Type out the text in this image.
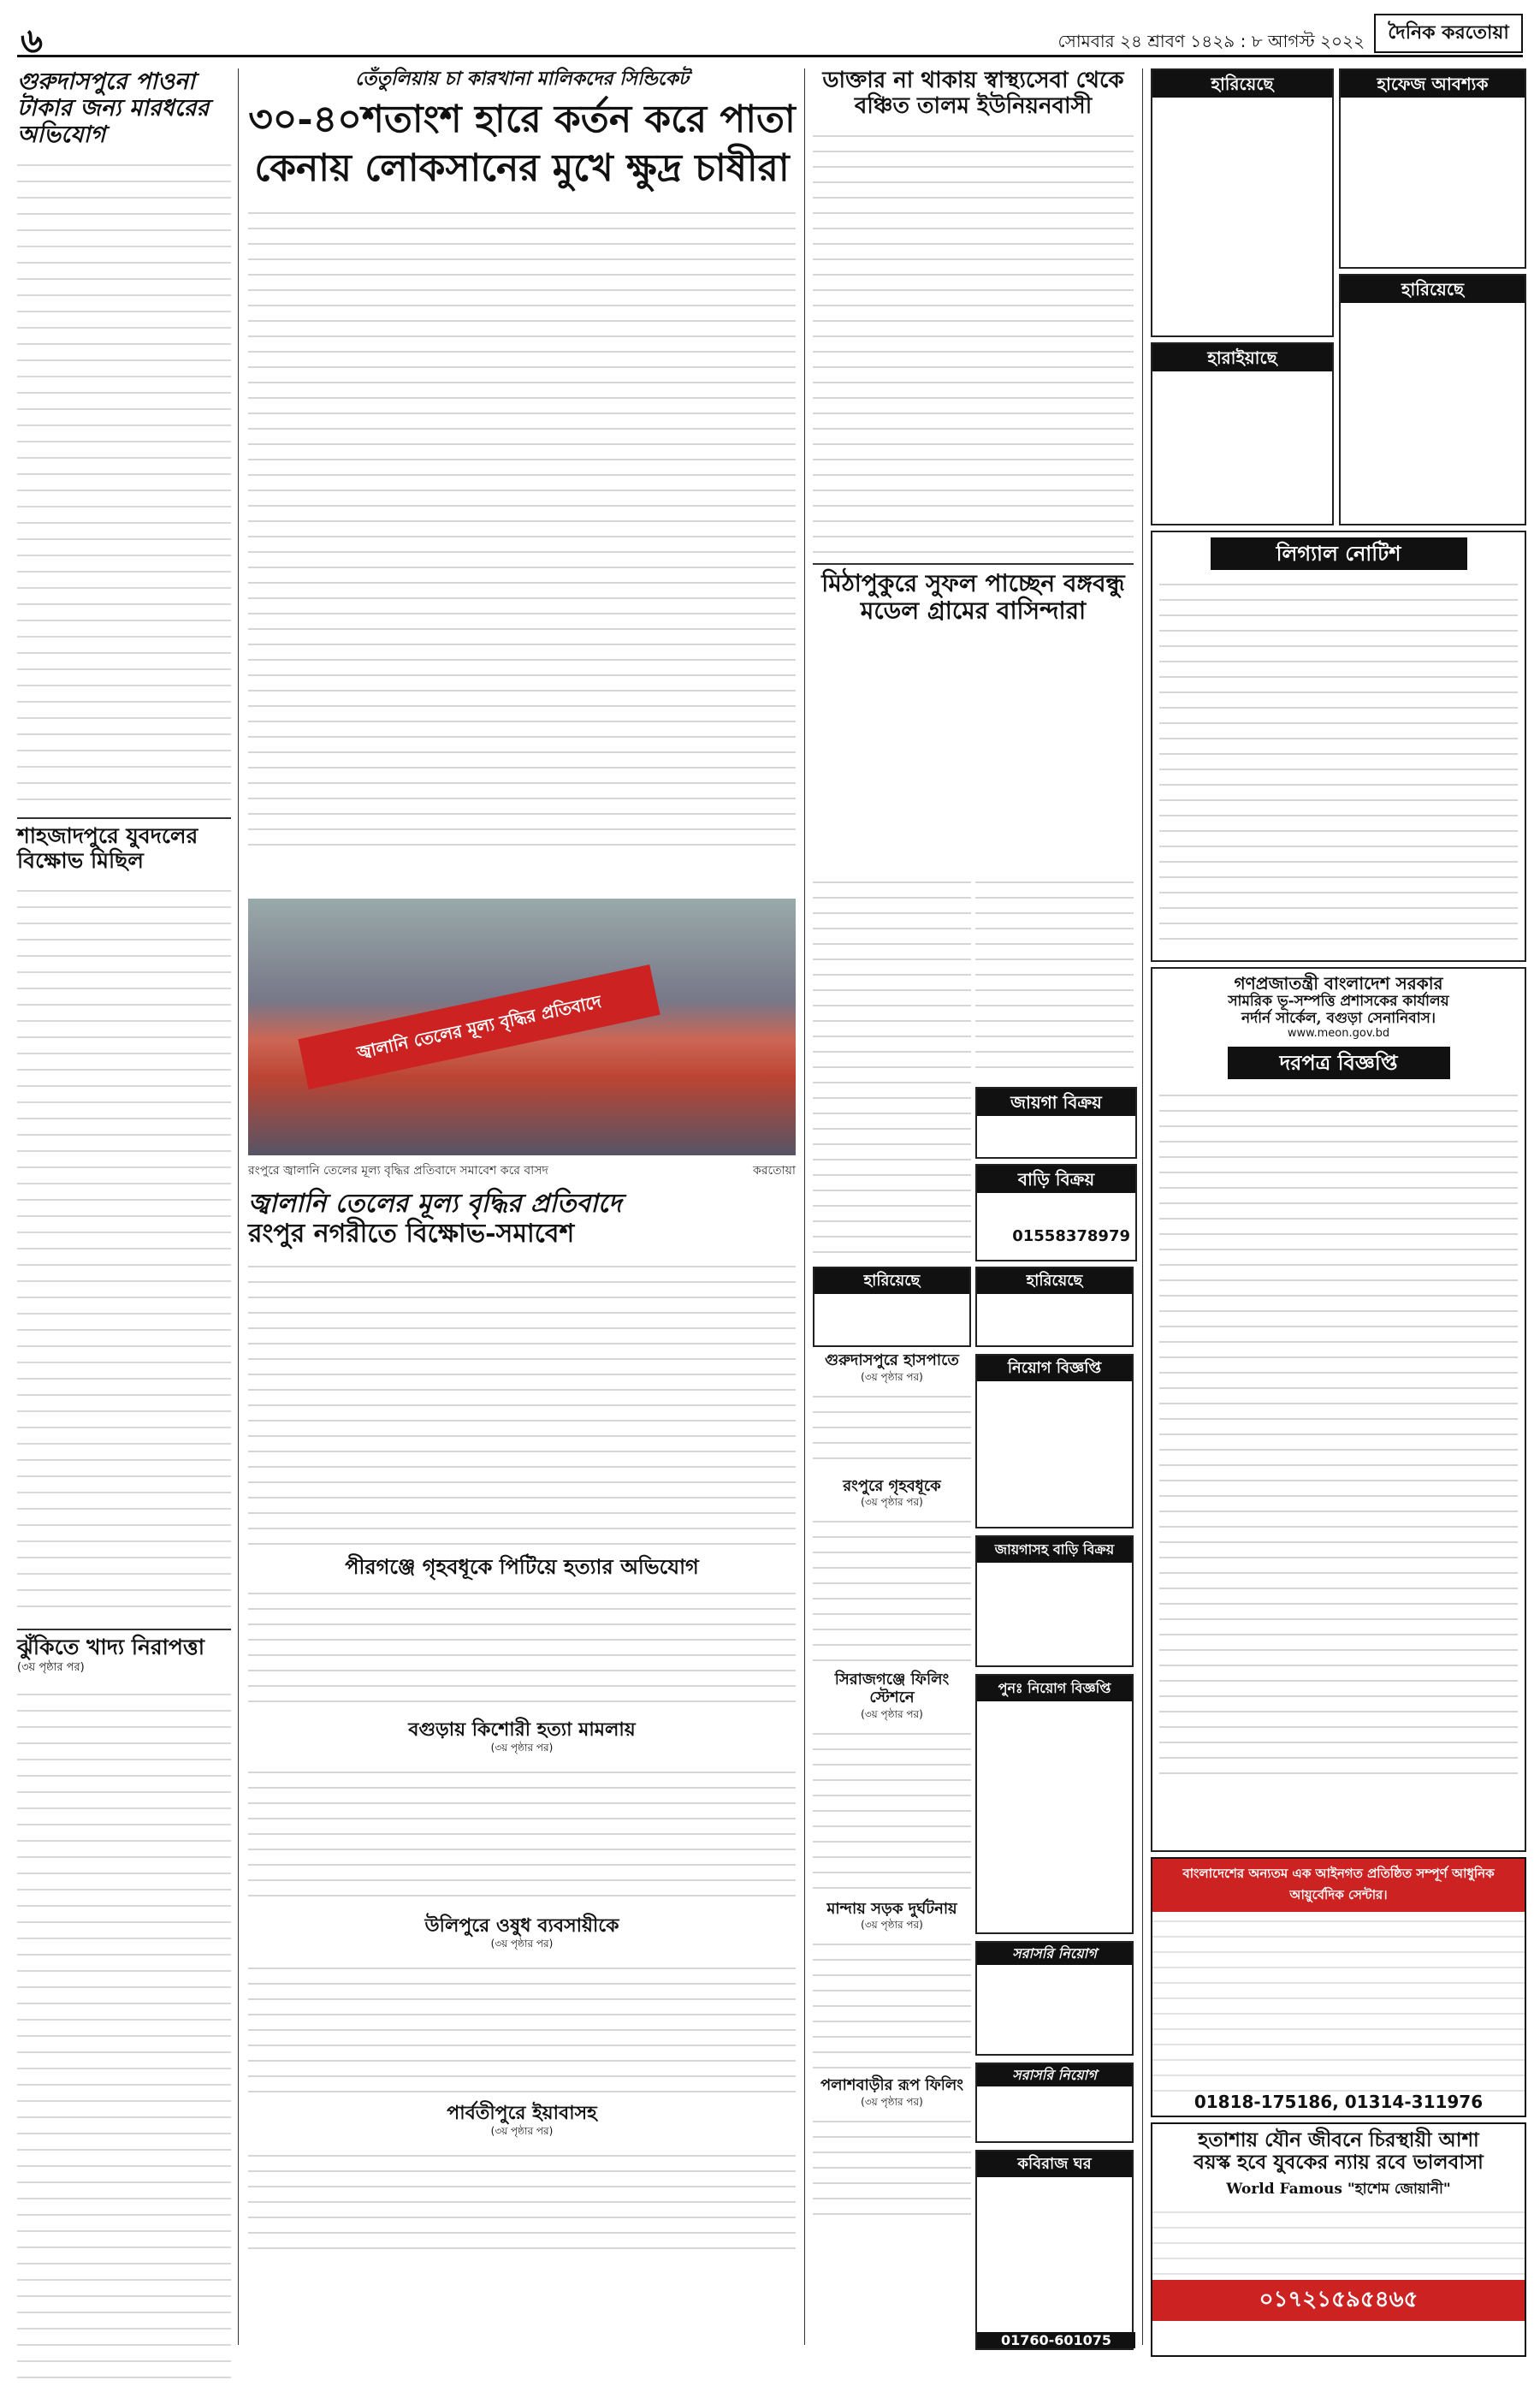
৬	সোমবার ২৪ শ্রাবণ ১৪২৯ : ৮ আগস্ট ২০২২	দৈনিক করতোয়া
গুরুদাসপুরে পাওনা টাকার জন্য মারধরের অভিযোগ
শাহজাদপুরে যুবদলের বিক্ষোভ মিছিল
ঝুঁকিতে খাদ্য নিরাপত্তা
(৩য় পৃষ্ঠার পর)
তেঁতুলিয়ায় চা কারখানা মালিকদের সিন্ডিকেট
৩০-৪০শতাংশ হারে কর্তন করে পাতা
কেনায় লোকসানের মুখে ক্ষুদ্র চাষীরা
জ্বালানি তেলের মূল্য বৃদ্ধির প্রতিবাদে
রংপুরে জ্বালানি তেলের মূল্য বৃদ্ধির প্রতিবাদে সমাবেশ করে বাসদ	করতোয়া
জ্বালানি তেলের মূল্য বৃদ্ধির প্রতিবাদে
রংপুর নগরীতে বিক্ষোভ-সমাবেশ
পীরগঞ্জে গৃহবধূকে পিটিয়ে হত্যার অভিযোগ
বগুড়ায় কিশোরী হত্যা মামলায়
(৩য় পৃষ্ঠার পর)
উলিপুরে ওষুধ ব্যবসায়ীকে
(৩য় পৃষ্ঠার পর)
পার্বতীপুরে ইয়াবাসহ
(৩য় পৃষ্ঠার পর)
ডাক্তার না থাকায় স্বাস্থ্যসেবা থেকে
বঞ্চিত তালম ইউনিয়নবাসী
মিঠাপুকুরে সুফল পাচ্ছেন বঙ্গবন্ধু
মডেল গ্রামের বাসিন্দারা
জায়গা বিক্রয়
বাড়ি বিক্রয়
01558378979
হারিয়েছে
গুরুদাসপুরে হাসপাতে
(৩য় পৃষ্ঠার পর)
রংপুরে গৃহবধূকে
(৩য় পৃষ্ঠার পর)
সিরাজগঞ্জে ফিলিং স্টেশনে
(৩য় পৃষ্ঠার পর)
মান্দায় সড়ক দুর্ঘটনায়
(৩য় পৃষ্ঠার পর)
পলাশবাড়ীর রূপ ফিলিং
(৩য় পৃষ্ঠার পর)
হারিয়েছে
নিয়োগ বিজ্ঞপ্তি
জায়গাসহ বাড়ি বিক্রয়
পুনঃ নিয়োগ বিজ্ঞপ্তি
সরাসরি নিয়োগ
সরাসরি নিয়োগ
কবিরাজ ঘর
01760-601075
হারিয়েছে	হাফেজ আবশ্যক
হারাইয়াছে
হারিয়েছে
লিগ্যাল নোটিশ
গণপ্রজাতন্ত্রী বাংলাদেশ সরকার
সামরিক ভূ-সম্পত্তি প্রশাসকের কার্যালয়
নর্দার্ন সার্কেল, বগুড়া সেনানিবাস।
www.meon.gov.bd
দরপত্র বিজ্ঞপ্তি
বাংলাদেশের অন্যতম এক আইনগত প্রতিষ্ঠিত সম্পূর্ণ আধুনিক আয়ুর্বেদিক সেন্টার।
01818-175186, 01314-311976
হতাশায় যৌন জীবনে চিরস্থায়ী আশা
বয়স্ক হবে যুবকের ন্যায় রবে ভালবাসা
World Famous "হাশেম জোয়ানী"
০১৭২১৫৯৫৪৬৫
